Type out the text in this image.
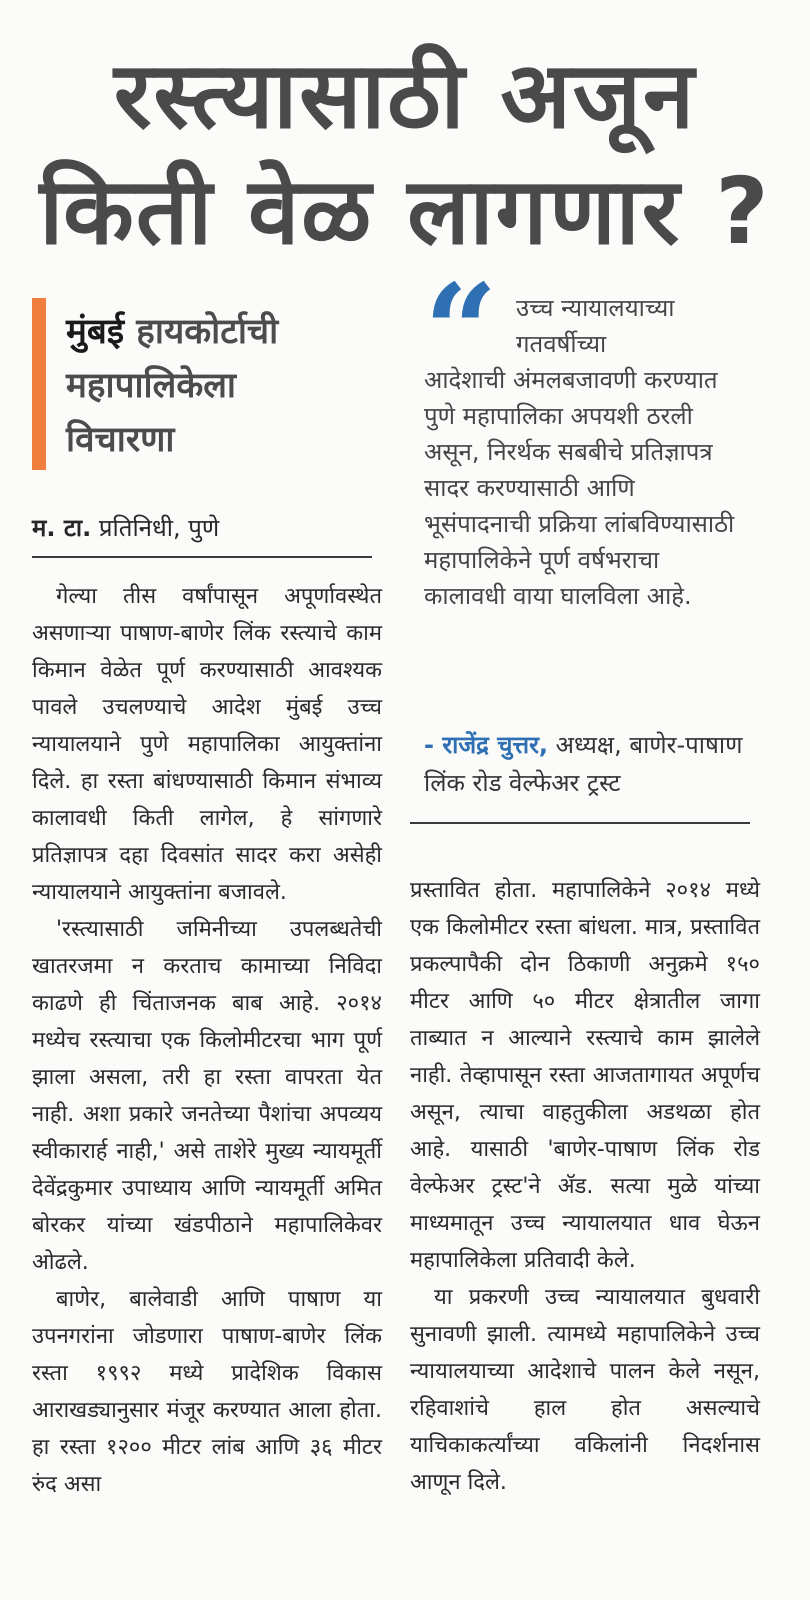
रस्त्यासाठी अजून
किती वेळ लागणार ?
मुंबई हायकोर्टाची
महापालिकेला
विचारणा
म. टा. प्रतिनिधी, पुणे

गेल्या तीस वर्षांपासून अपूर्णावस्थेत असणाऱ्या पाषाण-बाणेर लिंक रस्त्याचे काम किमान वेळेत पूर्ण करण्यासाठी आवश्यक पावले उचलण्याचे आदेश मुंबई उच्च न्यायालयाने पुणे महापालिका आयुक्तांना दिले. हा रस्ता बांधण्यासाठी किमान संभाव्य कालावधी किती लागेल, हे सांगणारे प्रतिज्ञापत्र दहा दिवसांत सादर करा असेही न्यायालयाने आयुक्तांना बजावले.

'रस्त्यासाठी जमिनीच्या उपलब्धतेची खातरजमा न करताच कामाच्या निविदा काढणे ही चिंताजनक बाब आहे. २०१४ मध्येच रस्त्याचा एक किलोमीटरचा भाग पूर्ण झाला असला, तरी हा रस्ता वापरता येत नाही. अशा प्रकारे जनतेच्या पैशांचा अपव्यय स्वीकारार्ह नाही,' असे ताशेरे मुख्य न्यायमूर्ती देवेंद्रकुमार उपाध्याय आणि न्यायमूर्ती अमित बोरकर यांच्या खंडपीठाने महापालिकेवर ओढले.

बाणेर, बालेवाडी आणि पाषाण या उपनगरांना जोडणारा पाषाण-बाणेर लिंक रस्ता १९९२ मध्ये प्रादेशिक विकास आराखड्यानुसार मंजूर करण्यात आला होता. हा रस्ता १२०० मीटर लांब आणि ३६ मीटर रुंद असा

“ उच्च न्यायालयाच्या
गतवर्षीच्या
आदेशाची अंमलबजावणी करण्यात पुणे महापालिका अपयशी ठरली असून, निरर्थक सबबीचे प्रतिज्ञापत्र सादर करण्यासाठी आणि भूसंपादनाची प्रक्रिया लांबविण्यासाठी महापालिकेने पूर्ण वर्षभराचा कालावधी वाया घालविला आहे.
- राजेंद्र चुत्तर, अध्यक्ष, बाणेर-पाषाण लिंक रोड वेल्फेअर ट्रस्ट

प्रस्तावित होता. महापालिकेने २०१४ मध्ये एक किलोमीटर रस्ता बांधला. मात्र, प्रस्तावित प्रकल्पापैकी दोन ठिकाणी अनुक्रमे १५० मीटर आणि ५० मीटर क्षेत्रातील जागा ताब्यात न आल्याने रस्त्याचे काम झालेले नाही. तेव्हापासून रस्ता आजतागायत अपूर्णच असून, त्याचा वाहतुकीला अडथळा होत आहे. यासाठी 'बाणेर-पाषाण लिंक रोड वेल्फेअर ट्रस्ट'ने ॲड. सत्या मुळे यांच्या माध्यमातून उच्च न्यायालयात धाव घेऊन महापालिकेला प्रतिवादी केले.

या प्रकरणी उच्च न्यायालयात बुधवारी सुनावणी झाली. त्यामध्ये महापालिकेने उच्च न्यायालयाच्या आदेशाचे पालन केले नसून, रहिवाशांचे हाल होत असल्याचे याचिकाकर्त्यांच्या वकिलांनी निदर्शनास आणून दिले.
